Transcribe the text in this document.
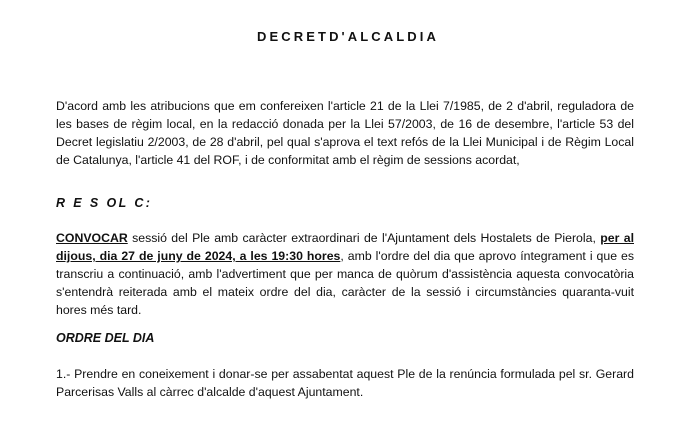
DECRETD'ALCALDIA

D'acord amb les atribucions que em confereixen l'article 21 de la Llei 7/1985, de 2 d'abril, reguladora de les bases de règim local, en la redacció donada per la Llei 57/2003, de 16 de desembre, l'article 53 del Decret legislatiu 2/2003, de 28 d'abril, pel qual s'aprova el text refós de la Llei Municipal i de Règim Local de Catalunya, l'article 41 del ROF, i de conformitat amb el règim de sessions acordat,

R E S OL C:

CONVOCAR sessió del Ple amb caràcter extraordinari de l'Ajuntament dels Hostalets de Pierola, per al dijous, dia 27 de juny de 2024, a les 19:30 hores, amb l'ordre del dia que aprovo íntegrament i que es transcriu a continuació, amb l'advertiment que per manca de quòrum d'assistència aquesta convocatòria s'entendrà reiterada amb el mateix ordre del dia, caràcter de la sessió i circumstàncies quaranta-vuit hores més tard.

ORDRE DEL DIA

1.- Prendre en coneixement i donar-se per assabentat aquest Ple de la renúncia formulada pel sr. Gerard Parcerisas Valls al càrrec d'alcalde d'aquest Ajuntament.
